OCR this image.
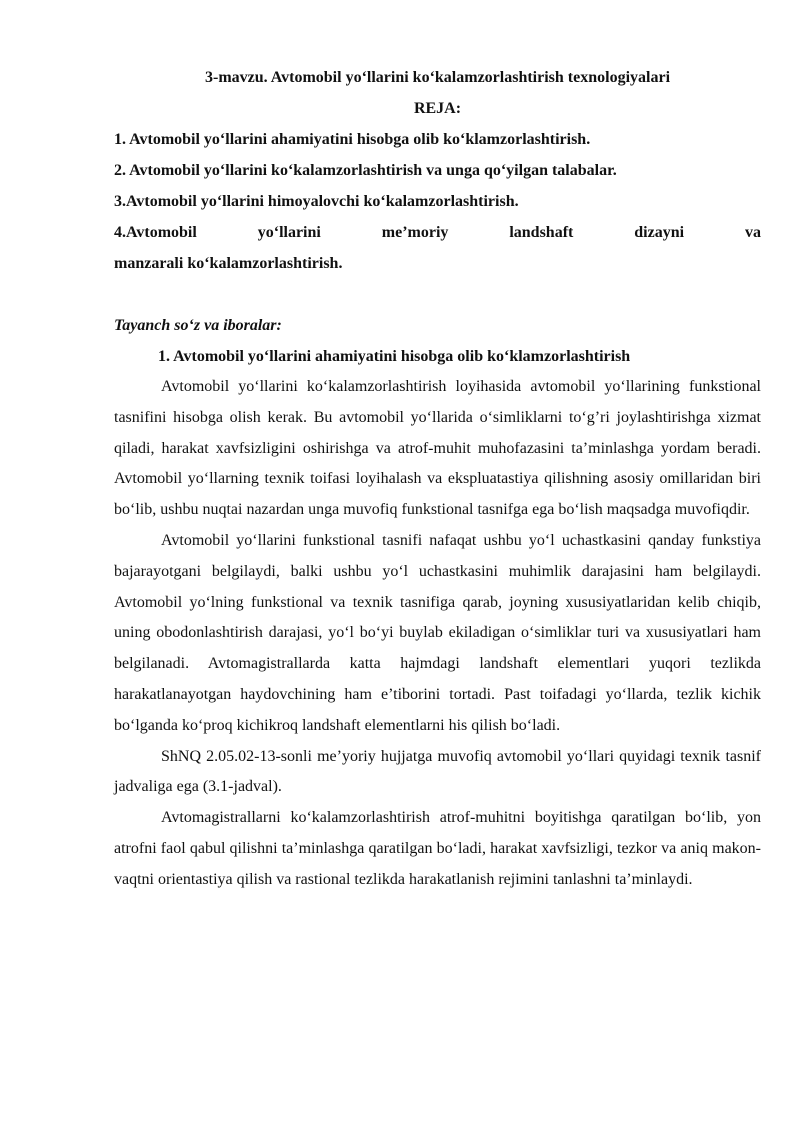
3-mavzu. Avtomobil yo‘llarini ko‘kalamzorlashtirish texnologiyalari

REJA:

1. Avtomobil yo‘llarini ahamiyatini hisobga olib ko‘klamzorlashtirish.

2. Avtomobil yo‘llarini ko‘kalamzorlashtirish va unga qo‘yilgan talabalar.

3.Avtomobil yo‘llarini himoyalovchi ko‘kalamzorlashtirish.

4.Avtomobil yo‘llarini me’moriy landshaft dizayni va

manzarali ko‘kalamzorlashtirish.

Tayanch so‘z va iboralar:

1. Avtomobil yo‘llarini ahamiyatini hisobga olib ko‘klamzorlashtirish

Avtomobil yo‘llarini ko‘kalamzorlashtirish loyihasida avtomobil yo‘llarining funkstional tasnifini hisobga olish kerak. Bu avtomobil yo‘llarida o‘simliklarni to‘g’ri joylashtirishga xizmat qiladi, harakat xavfsizligini oshirishga va atrof-muhit muhofazasini ta’minlashga yordam beradi. Avtomobil yo‘llarning texnik toifasi loyihalash va ekspluatastiya qilishning asosiy omillaridan biri bo‘lib, ushbu nuqtai nazardan unga muvofiq funkstional tasnifga ega bo‘lish maqsadga muvofiqdir.

Avtomobil yo‘llarini funkstional tasnifi nafaqat ushbu yo‘l uchastkasini qanday funkstiya bajarayotgani belgilaydi, balki ushbu yo‘l uchastkasini muhimlik darajasini ham belgilaydi. Avtomobil yo‘lning funkstional va texnik tasnifiga qarab, joyning xususiyatlaridan kelib chiqib, uning obodonlashtirish darajasi, yo‘l bo‘yi buylab ekiladigan o‘simliklar turi va xususiyatlari ham belgilanadi. Avtomagistrallarda katta hajmdagi landshaft elementlari yuqori tezlikda harakatlanayotgan haydovchining ham e’tiborini tortadi. Past toifadagi yo‘llarda, tezlik kichik bo‘lganda ko‘proq kichikroq landshaft elementlarni his qilish bo‘ladi.

ShNQ 2.05.02-13-sonli me’yoriy hujjatga muvofiq avtomobil yo‘llari quyidagi texnik tasnif jadvaliga ega (3.1-jadval).

Avtomagistrallarni ko‘kalamzorlashtirish atrof-muhitni boyitishga qaratilgan bo‘lib, yon atrofni faol qabul qilishni ta’minlashga qaratilgan bo‘ladi, harakat xavfsizligi, tezkor va aniq makon-vaqtni orientastiya qilish va rastional tezlikda harakatlanish rejimini tanlashni ta’minlaydi.
